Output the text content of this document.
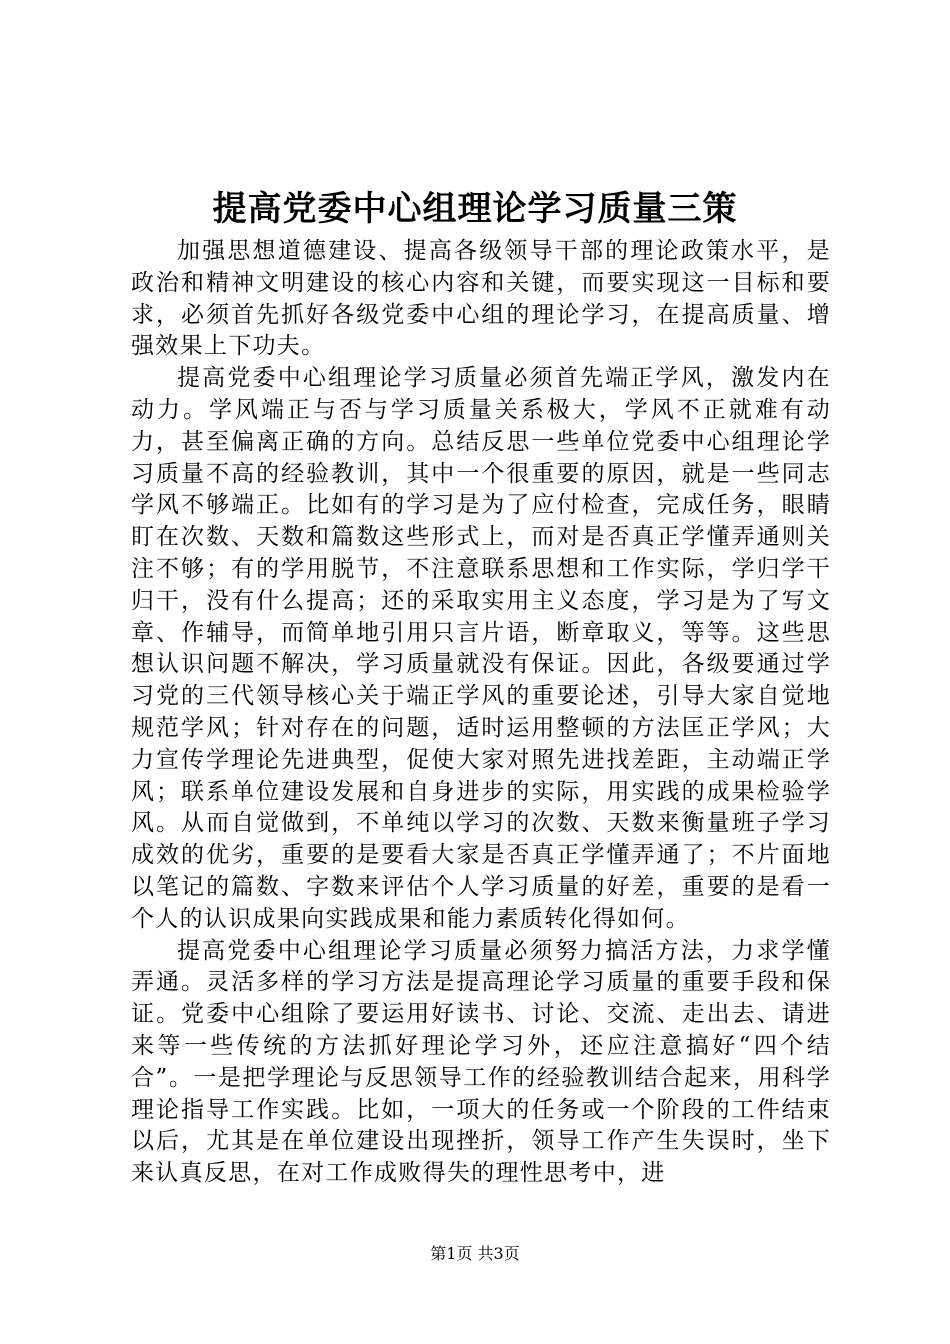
提高党委中心组理论学习质量三策

加强思想道德建设、提高各级领导干部的理论政策水平，是政治和精神文明建设的核心内容和关键，而要实现这一目标和要求，必须首先抓好各级党委中心组的理论学习，在提高质量、增强效果上下功夫。

提高党委中心组理论学习质量必须首先端正学风，激发内在动力。学风端正与否与学习质量关系极大，学风不正就难有动力，甚至偏离正确的方向。总结反思一些单位党委中心组理论学习质量不高的经验教训，其中一个很重要的原因，就是一些同志学风不够端正。比如有的学习是为了应付检查，完成任务，眼睛盯在次数、天数和篇数这些形式上，而对是否真正学懂弄通则关注不够；有的学用脱节，不注意联系思想和工作实际，学归学干归干，没有什么提高；还的采取实用主义态度，学习是为了写文章、作辅导，而简单地引用只言片语，断章取义，等等。这些思想认识问题不解决，学习质量就没有保证。因此，各级要通过学习党的三代领导核心关于端正学风的重要论述，引导大家自觉地规范学风；针对存在的问题，适时运用整顿的方法匡正学风；大力宣传学理论先进典型，促使大家对照先进找差距，主动端正学风；联系单位建设发展和自身进步的实际，用实践的成果检验学风。从而自觉做到，不单纯以学习的次数、天数来衡量班子学习成效的优劣，重要的是要看大家是否真正学懂弄通了；不片面地以笔记的篇数、字数来评估个人学习质量的好差，重要的是看一个人的认识成果向实践成果和能力素质转化得如何。

提高党委中心组理论学习质量必须努力搞活方法，力求学懂弄通。灵活多样的学习方法是提高理论学习质量的重要手段和保证。党委中心组除了要运用好读书、讨论、交流、走出去、请进来等一些传统的方法抓好理论学习外，还应注意搞好“四个结合”。一是把学理论与反思领导工作的经验教训结合起来，用科学理论指导工作实践。比如，一项大的任务或一个阶段的工件结束以后，尤其是在单位建设出现挫折，领导工作产生失误时，坐下来认真反思，在对工作成败得失的理性思考中，进

第1页 共3页
